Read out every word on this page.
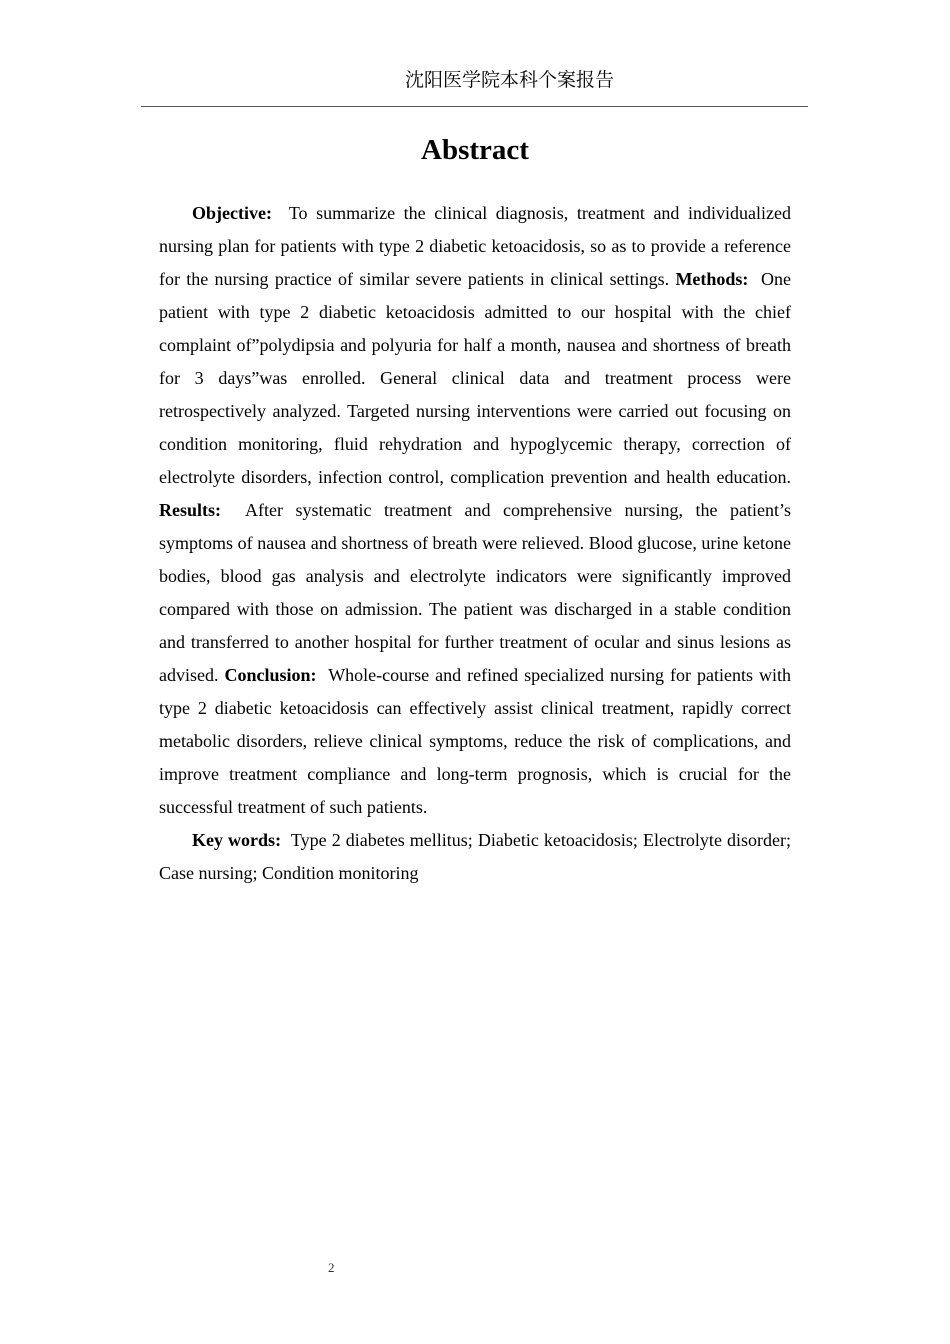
沈阳医学院本科个案报告
Abstract

Objective: To summarize the clinical diagnosis, treatment and individualized nursing plan for patients with type 2 diabetic ketoacidosis, so as to provide a reference for the nursing practice of similar severe patients in clinical settings. Methods: One patient with type 2 diabetic ketoacidosis admitted to our hospital with the chief complaint of”polydipsia and polyuria for half a month, nausea and shortness of breath for 3 days”was enrolled. General clinical data and treatment process were retrospectively analyzed. Targeted nursing interventions were carried out focusing on condition monitoring, fluid rehydration and hypoglycemic therapy, correction of electrolyte disorders, infection control, complication prevention and health education. Results: After systematic treatment and comprehensive nursing, the patient’s symptoms of nausea and shortness of breath were relieved. Blood glucose, urine ketone bodies, blood gas analysis and electrolyte indicators were significantly improved compared with those on admission. The patient was discharged in a stable condition and transferred to another hospital for further treatment of ocular and sinus lesions as advised. Conclusion: Whole-course and refined specialized nursing for patients with type 2 diabetic ketoacidosis can effectively assist clinical treatment, rapidly correct metabolic disorders, relieve clinical symptoms, reduce the risk of complications, and improve treatment compliance and long-term prognosis, which is crucial for the successful treatment of such patients.

Key words: Type 2 diabetes mellitus; Diabetic ketoacidosis; Electrolyte disorder; Case nursing; Condition monitoring

2
